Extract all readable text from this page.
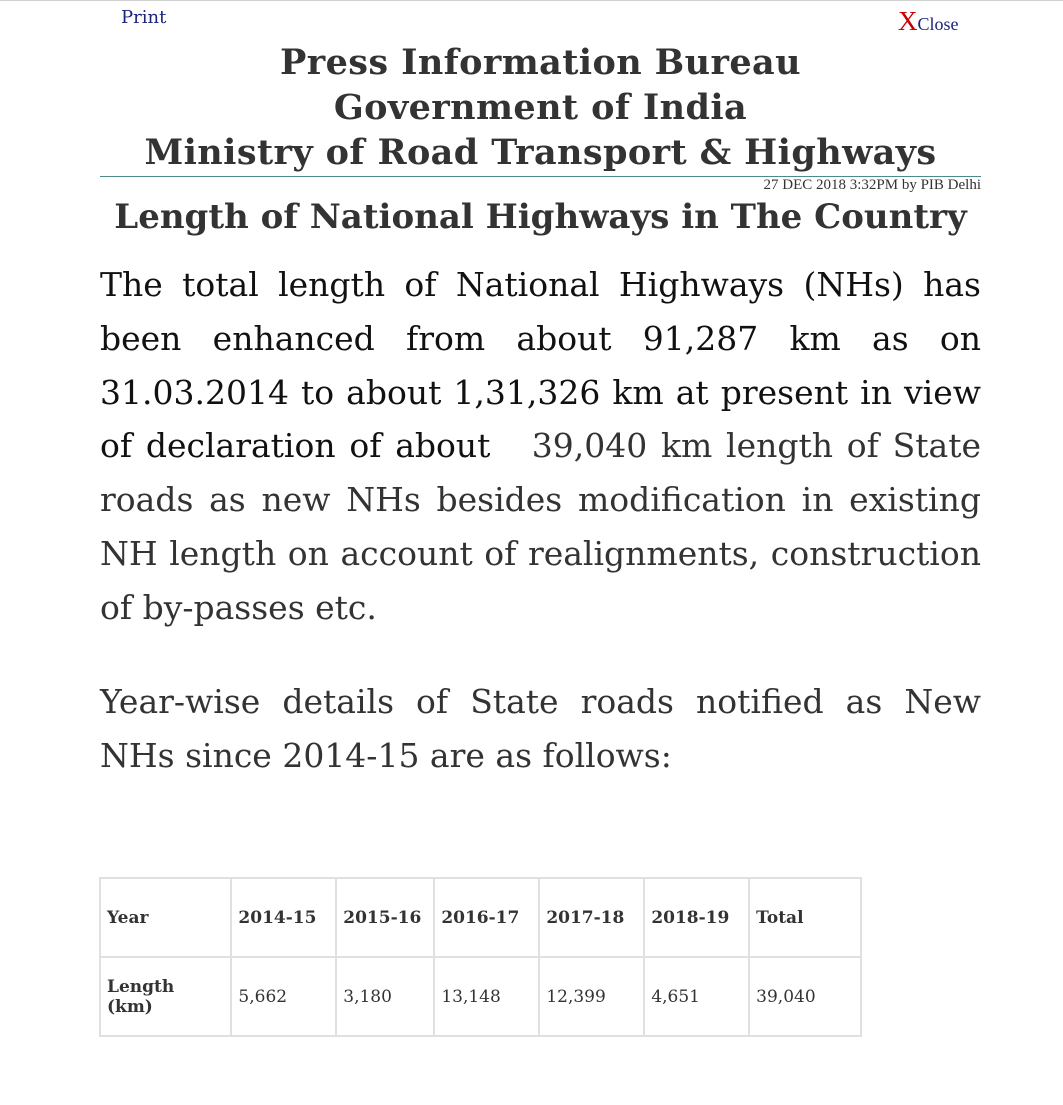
Print	XClose
Press Information Bureau
Government of India
Ministry of Road Transport & Highways
27 DEC 2018 3:32PM by PIB Delhi
Length of National Highways in The Country
The total length of National Highways (NHs) has been enhanced from about 91,287 km as on 31.03.2014 to about 1,31,326 km at present in view of declaration of about 39,040 km length of State roads as new NHs besides modification in existing NH length on account of realignments, construction of by-passes etc.
Year-wise details of State roads notified as New NHs since 2014-15 are as follows:
Year	2014-15	2015-16	2016-17	2017-18	2018-19	Total
Length (km)	5,662	3,180	13,148	12,399	4,651	39,040
